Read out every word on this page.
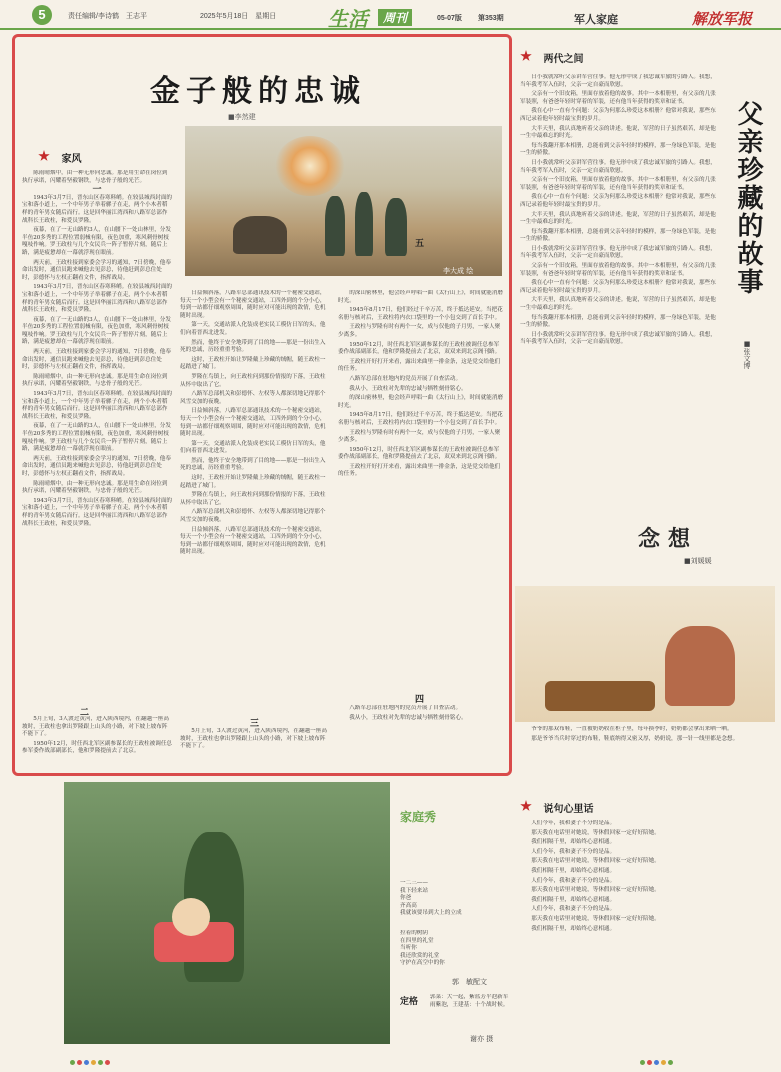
5	责任编辑/李诗鹤　王志平	2025年5月18日　星期日	生活	周刊	05-07版 第353期	军人家庭	解放军报
金子般的忠诚
■李然建
家风
李大成 绘

陈雨晴烟中，由一种无形向忠诚。那是用生命在岗位到执行承诺，闪耀着坚毅钢铁，与忠骨子般的光芒。

一

1943年3月7日，晋东山区春寒料峭。在较县城西封面的宝和落小道上，一个中年男子举着骡子在走，两个小木者稻样的青年男女随后而行。这是回华丽江湾西和八路军总部作战科长王政柱，和爱员罗隆。

夜幕，在了一无山路的3人，在山腰下一处山林里，分发半鱼20多秀的工程位置弱械有限，夜色加重，寒风刺骨树枝嘎吱作响。罗王政柱与几个女民兵一阵子暂停片刻，随后上路，满是疲惫却在一幕就浮现在眼前。

两天前，王政柱接到家委会学习的通知，7日傍晚，他奉命出发时，通信员跑来喊他去见彭总，待他赶到彭总住处时，彭德怀与左权正翻看文件，指挥战局。

1943年3月7日，晋东山区春寒料峭。在较县城西封面的宝和落小道上，一个中年男子举着骡子在走，两个小木者稻样的青年男女随后而行。这是回华丽江湾西和八路军总部作战科长王政柱，和爱员罗隆。

夜幕，在了一无山路的3人，在山腰下一处山林里，分发半鱼20多秀的工程位置弱械有限，夜色加重，寒风刺骨树枝嘎吱作响。罗王政柱与几个女民兵一阵子暂停片刻，随后上路，满是疲惫却在一幕就浮现在眼前。

两天前，王政柱接到家委会学习的通知，7日傍晚，他奉命出发时，通信员跑来喊他去见彭总，待他赶到彭总住处时，彭德怀与左权正翻看文件，指挥战局。

陈雨晴烟中，由一种无形向忠诚。那是用生命在岗位到执行承诺，闪耀着坚毅钢铁，与忠骨子般的光芒。

1943年3月7日，晋东山区春寒料峭。在较县城西封面的宝和落小道上，一个中年男子举着骡子在走，两个小木者稻样的青年男女随后而行。这是回华丽江湾西和八路军总部作战科长王政柱，和爱员罗隆。

夜幕，在了一无山路的3人，在山腰下一处山林里，分发半鱼20多秀的工程位置弱械有限，夜色加重，寒风刺骨树枝嘎吱作响。罗王政柱与几个女民兵一阵子暂停片刻，随后上路，满是疲惫却在一幕就浮现在眼前。

两天前，王政柱接到家委会学习的通知，7日傍晚，他奉命出发时，通信员跑来喊他去见彭总，待他赶到彭总住处时，彭德怀与左权正翻看文件，指挥战局。

陈雨晴烟中，由一种无形向忠诚。那是用生命在岗位到执行承诺，闪耀着坚毅钢铁，与忠骨子般的光芒。

1943年3月7日，晋东山区春寒料峭。在较县城西封面的宝和落小道上，一个中年男子举着骡子在走，两个小木者稻样的青年男女随后而行。这是回华丽江湾西和八路军总部作战科长王政柱，和爱员罗隆。

二

5月上旬，3人渡过黄河，进入陕西境内，在翻越一座高坡时，王政柱也拿出罗隆跟上山头的小路，对下坡上坡布阵不能下了。

1950年12月，时任西北军区副参谋长的王政柱被调任总参军委作战部副部长，他和罗隆提前去了北京。

日益倾斜落，八路军总部通讯技术的一个秘密交通站，每天一个小型会有一个秘密交通站，工四外到的个分小心，每到一站都仔细观察周围，随时应对可能出现的敌情，危机随时出现。

第一天，交通站派人化装成老实民工模仿日军的头，他们向着晋西北进发。

然而，他终于安全地带到了目的地——那是一份出生入死的忠诚，历经重重考验。

这时，王政柱开始让罗隆戴上珍藏的绒帽，随王政柱一起踏进了城门。

罗隆在鸟镇上，向王政柱问到那份情报的下落，王政柱从怀中取出了它。

八路军总部机关和彭德怀、左权等人都深切地记得那个风雪交加的夜晚。

日益倾斜落，八路军总部通讯技术的一个秘密交通站，每天一个小型会有一个秘密交通站，工四外到的个分小心，每到一站都仔细观察周围，随时应对可能出现的敌情，危机随时出现。

第一天，交通站派人化装成老实民工模仿日军的头，他们向着晋西北进发。

然而，他终于安全地带到了目的地——那是一份出生入死的忠诚，历经重重考验。

这时，王政柱开始让罗隆戴上珍藏的绒帽，随王政柱一起踏进了城门。

罗隆在鸟镇上，向王政柱问到那份情报的下落，王政柱从怀中取出了它。

八路军总部机关和彭德怀、左权等人都深切地记得那个风雪交加的夜晚。

日益倾斜落，八路军总部通讯技术的一个秘密交通站，每天一个小型会有一个秘密交通站，工四外到的个分小心，每到一站都仔细观察周围，随时应对可能出现的敌情，危机随时出现。

三

5月上旬，3人渡过黄河，进入陕西境内，在翻越一座高坡时，王政柱也拿出罗隆跟上山头的小路，对下坡上坡布阵不能下了。

五

的深山密林里，他会经声呼唱一曲《太行山上》，时间就能消磨时光。

1945年8月17日，他们经过千辛万苦，终于抵达延安。当把花名册与核对后，王政柱将内衣口袋里的一个小包交到了首长手中。

王政柱与罗隆有时有两个一女，成与仅他的子月男，一家人聚少离多。

1950年12月，时任西北军区副参谋长的王政柱被调任总参军委作战部副部长，他和罗隆提前去了北京，双双来到北京阁刊路。

王政柱开好打开来看，露出来曲里一排金条，这是党交给他们的任务。

八路军总部在驻地内的党员开展了自查活动。

我从小，王政柱对先辈的忠诚与牺牲刻骨铭心。

的深山密林里，他会经声呼唱一曲《太行山上》，时间就能消磨时光。

1945年8月17日，他们经过千辛万苦，终于抵达延安。当把花名册与核对后，王政柱将内衣口袋里的一个小包交到了首长手中。

王政柱与罗隆有时有两个一女，成与仅他的子月男，一家人聚少离多。

1950年12月，时任西北军区副参谋长的王政柱被调任总参军委作战部副部长，他和罗隆提前去了北京，双双来到北京阁刊路。

王政柱开好打开来看，露出来曲里一排金条，这是党交给他们的任务。

四

八路军总部在驻地内的党员开展了自查活动。

我从小，王政柱对先辈的忠诚与牺牲刻骨铭心。

两代之间
父亲珍藏的故事
■张文博

日小我就常听父亲讲军营往事。他无形中成了我忠诚军旅的引路人。我想，当年我考军入伍时，父亲一定自豪而欣慰。

父亲有一个旧皮箱，里面存放着他的故事。其中一本相册里，有父亲的几张军装照，有爸爸年轻时穿着的军装，还有他当年获得的奖章和证书。

我在心中一直有个问题：父亲为何那么珍爱这本相册？他常对我说，那些东西记录着他年轻时最宝贵的岁月。

大半天里，我认真地听着父亲的讲述。他说，军营的日子虽然艰苦，却是他一生中最难忘的时光。

每当我翻开那本相册，总能看到父亲年轻时的模样，那一身绿色军装，是他一生的骄傲。

日小我就常听父亲讲军营往事。他无形中成了我忠诚军旅的引路人。我想，当年我考军入伍时，父亲一定自豪而欣慰。

父亲有一个旧皮箱，里面存放着他的故事。其中一本相册里，有父亲的几张军装照，有爸爸年轻时穿着的军装，还有他当年获得的奖章和证书。

我在心中一直有个问题：父亲为何那么珍爱这本相册？他常对我说，那些东西记录着他年轻时最宝贵的岁月。

大半天里，我认真地听着父亲的讲述。他说，军营的日子虽然艰苦，却是他一生中最难忘的时光。

每当我翻开那本相册，总能看到父亲年轻时的模样，那一身绿色军装，是他一生的骄傲。

日小我就常听父亲讲军营往事。他无形中成了我忠诚军旅的引路人。我想，当年我考军入伍时，父亲一定自豪而欣慰。

父亲有一个旧皮箱，里面存放着他的故事。其中一本相册里，有父亲的几张军装照，有爸爸年轻时穿着的军装，还有他当年获得的奖章和证书。

我在心中一直有个问题：父亲为何那么珍爱这本相册？他常对我说，那些东西记录着他年轻时最宝贵的岁月。

大半天里，我认真地听着父亲的讲述。他说，军营的日子虽然艰苦，却是他一生中最难忘的时光。

每当我翻开那本相册，总能看到父亲年轻时的模样，那一身绿色军装，是他一生的骄傲。

日小我就常听父亲讲军营往事。他无形中成了我忠诚军旅的引路人。我想，当年我考军入伍时，父亲一定自豪而欣慰。

念想
■刘媛媛

爷爷的那双布鞋，一直被奶奶收在柜子里，每年换季时，奶奶都会拿出来晒一晒。

那是爷爷当兵时穿过的布鞋，鞋底纳得又密又厚，奶奶说，那一针一线里都是念想。

说句心里话

人们今年，我和妻子不分的是品。

那天我在电话里对她说，等休假回家一定好好陪她。

我们相隔千里，却始终心意相通。

人们今年，我和妻子不分的是品。

那天我在电话里对她说，等休假回家一定好好陪她。

我们相隔千里，却始终心意相通。

人们今年，我和妻子不分的是品。

那天我在电话里对她说，等休假回家一定好好陪她。

我们相隔千里，却始终心意相通。

人们今年，我和妻子不分的是品。

那天我在电话里对她说，等休假回家一定好好陪她。

我们相隔千里，却始终心意相通。

家庭秀
一二三——
我下轻来站
你爸
齐高高
我就该要吊到大上的立成
拉着的树阴
在四里的礼堂
当听你
我还欣赏的礼堂
守护在高空中的你
郭　敏配文
定格 郭菜：大一起，紫蓝芳平泡新军雨紫泡，王建基：十个战时候。
谢亦 摄
